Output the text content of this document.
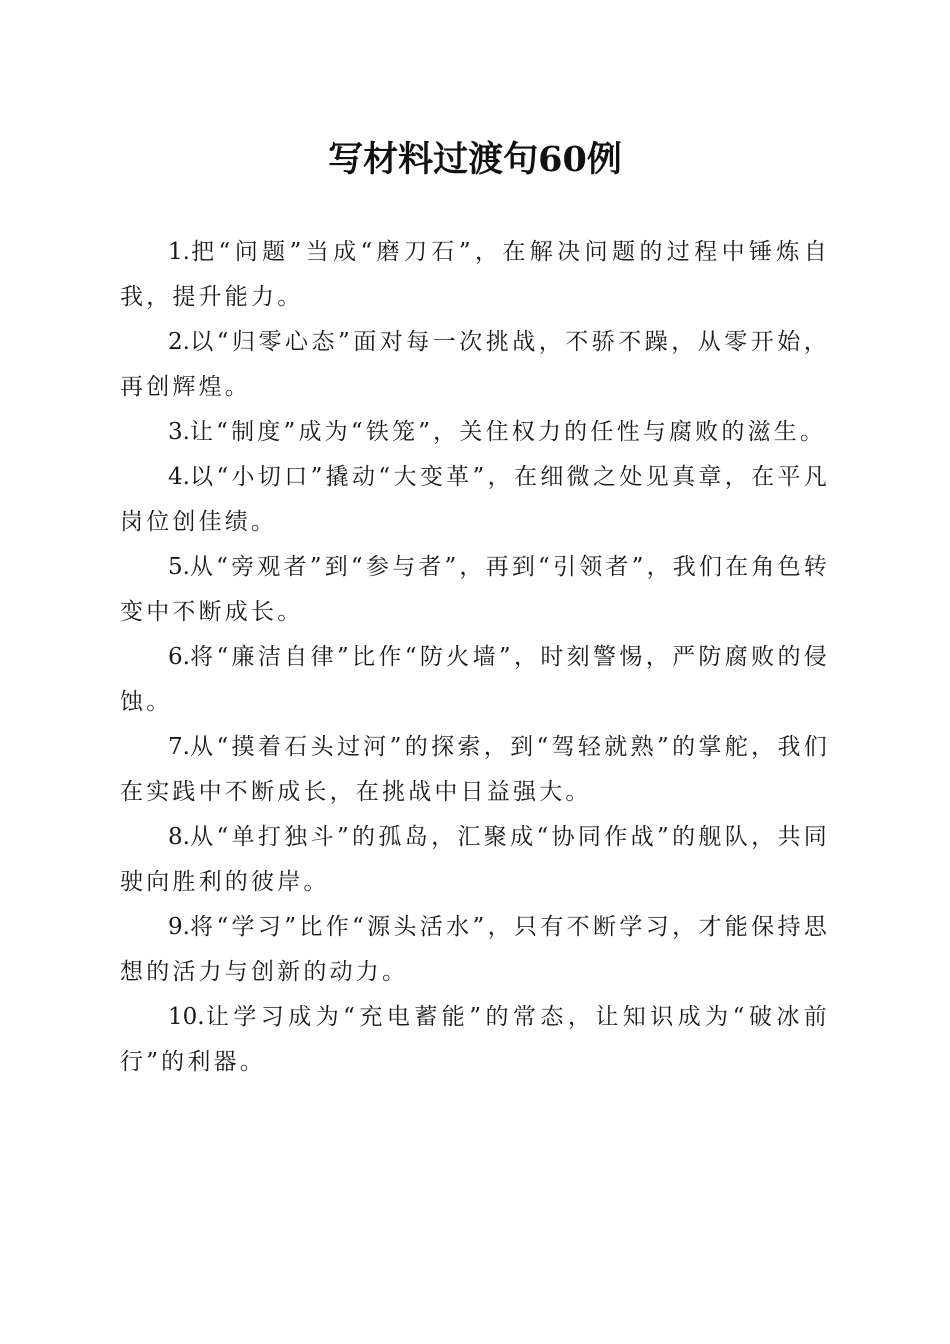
写材料过渡句60例

1.把“问题”当成“磨刀石”，在解决问题的过程中锤炼自我，提升能力。

2.以“归零心态”面对每一次挑战，不骄不躁，从零开始，再创辉煌。

3.让“制度”成为“铁笼”，关住权力的任性与腐败的滋生。

4.以“小切口”撬动“大变革”，在细微之处见真章，在平凡岗位创佳绩。

5.从“旁观者”到“参与者”，再到“引领者”，我们在角色转变中不断成长。

6.将“廉洁自律”比作“防火墙”，时刻警惕，严防腐败的侵蚀。

7.从“摸着石头过河”的探索，到“驾轻就熟”的掌舵，我们在实践中不断成长，在挑战中日益强大。

8.从“单打独斗”的孤岛，汇聚成“协同作战”的舰队，共同驶向胜利的彼岸。

9.将“学习”比作“源头活水”，只有不断学习，才能保持思想的活力与创新的动力。

10.让学习成为“充电蓄能”的常态，让知识成为“破冰前行”的利器。
